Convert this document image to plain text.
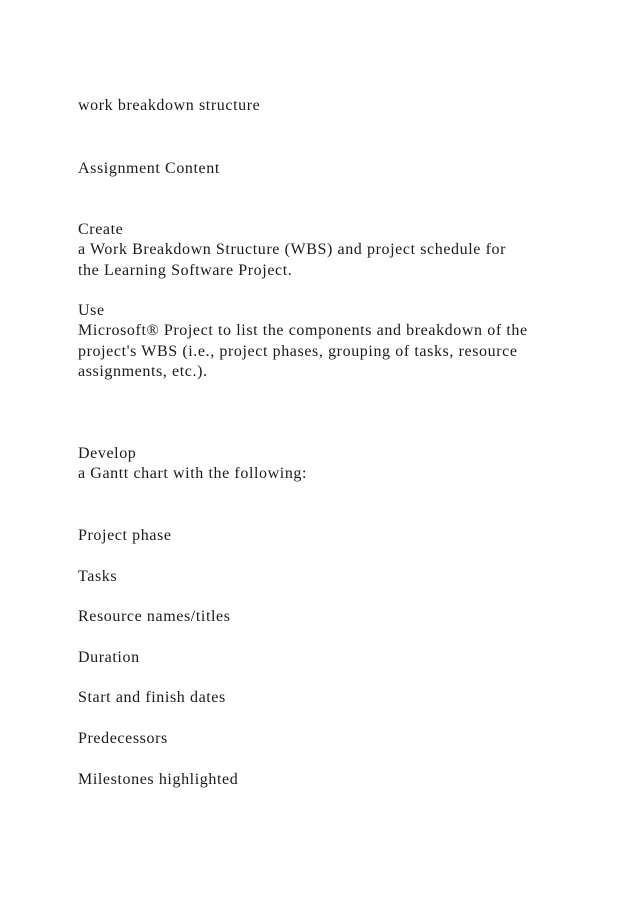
work breakdown structure
Assignment Content
Create
a Work Breakdown Structure (WBS) and project schedule for
the Learning Software Project.
Use
Microsoft® Project to list the components and breakdown of the
project's WBS (i.e., project phases, grouping of tasks, resource
assignments, etc.).
Develop
a Gantt chart with the following:
Project phase
Tasks
Resource names/titles
Duration
Start and finish dates
Predecessors
Milestones highlighted
